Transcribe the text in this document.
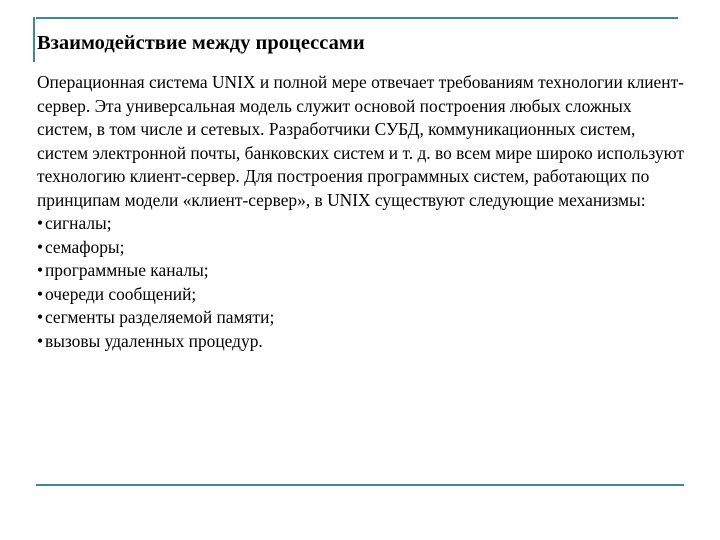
Взаимодействие между процессами

Операционная система UNIX и полной мере отвечает требованиям технологии клиент-сервер. Эта универсальная модель служит основой построения любых сложных систем, в том числе и сетевых. Разработчики СУБД, коммуникационных систем, систем электронной почты, банковских систем и т. д. во всем мире широко используют технологию клиент-сервер. Для построения программных систем, работающих по принципам модели «клиент-сервер», в UNIX существуют следующие механизмы:

• сигналы;
• семафоры;
• программные каналы;
• очереди сообщений;
• сегменты разделяемой памяти;
• вызовы удаленных процедур.
